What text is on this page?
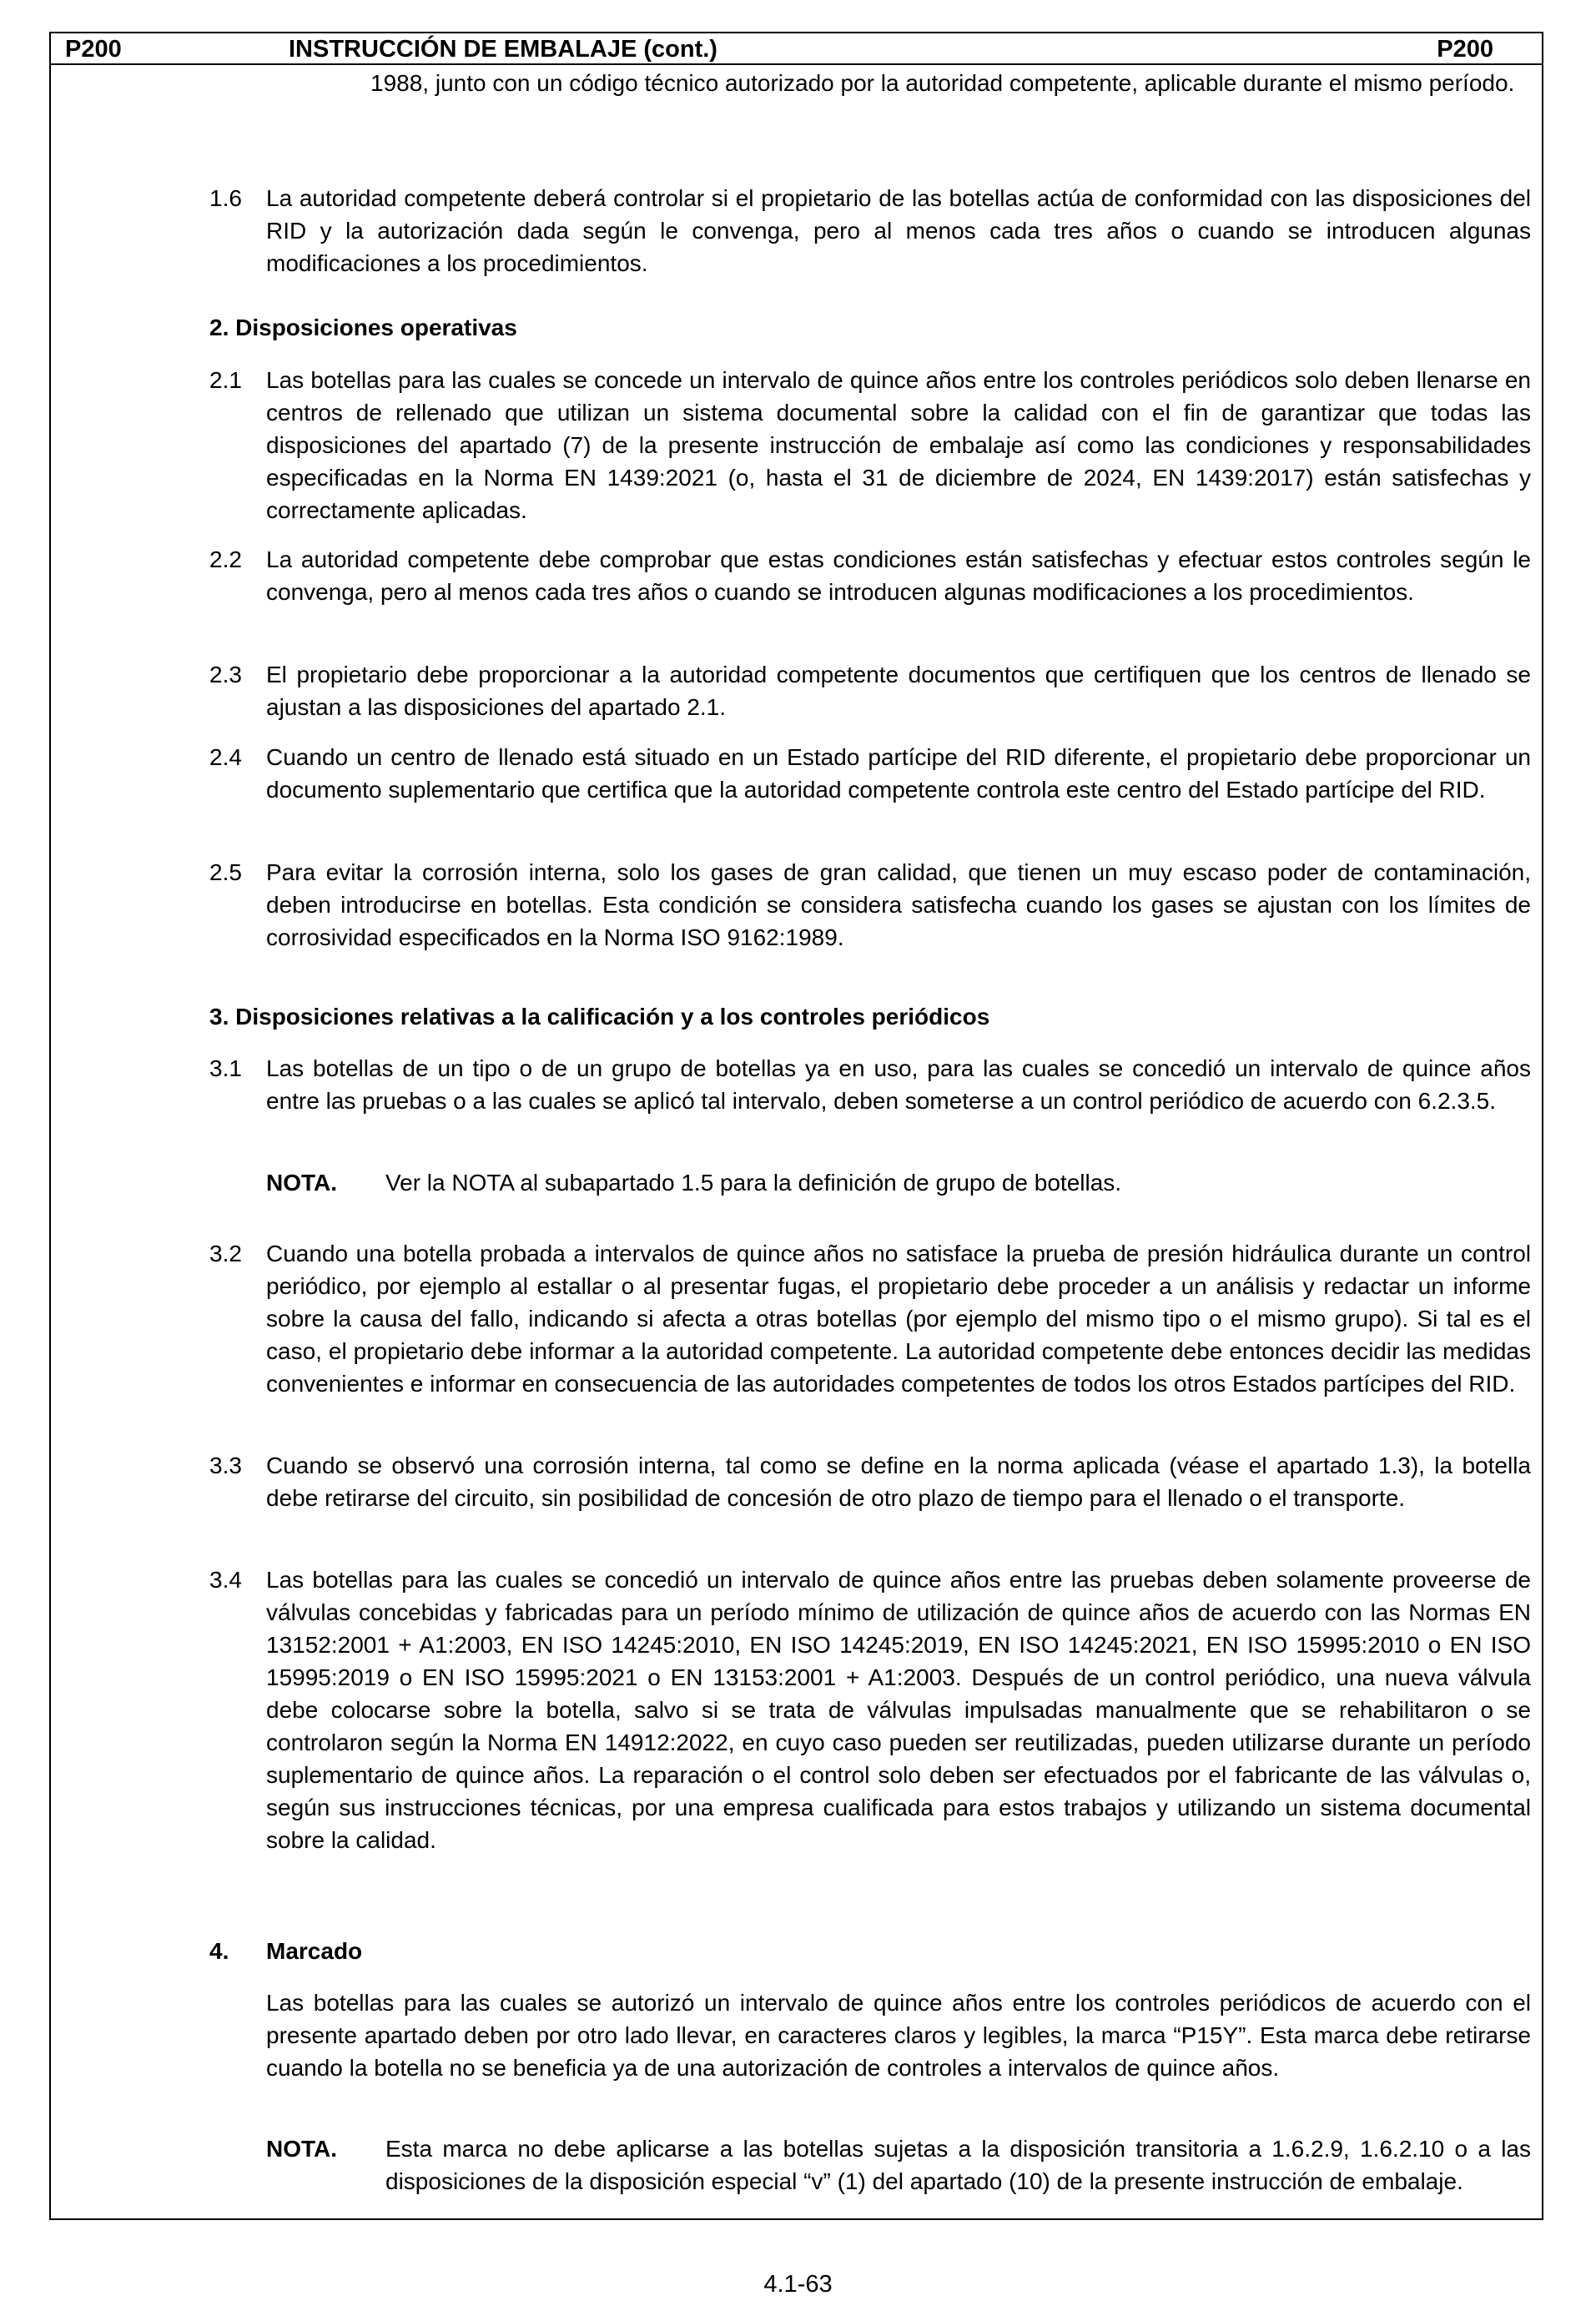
P200	INSTRUCCIÓN DE EMBALAJE (cont.)	P200
1988, junto con un código técnico autorizado por la autoridad competente, aplicable durante el mismo período.
1.6 La autoridad competente deberá controlar si el propietario de las botellas actúa de conformidad con las disposiciones del RID y la autorización dada según le convenga, pero al menos cada tres años o cuando se introducen algunas modificaciones a los procedimientos.
2. Disposiciones operativas
2.1 Las botellas para las cuales se concede un intervalo de quince años entre los controles periódicos solo deben llenarse en centros de rellenado que utilizan un sistema documental sobre la calidad con el fin de garantizar que todas las disposiciones del apartado (7) de la presente instrucción de embalaje así como las condiciones y responsabilidades especificadas en la Norma EN 1439:2021 (o, hasta el 31 de diciembre de 2024, EN 1439:2017) están satisfechas y correctamente aplicadas.
2.2 La autoridad competente debe comprobar que estas condiciones están satisfechas y efectuar estos controles según le convenga, pero al menos cada tres años o cuando se introducen algunas modificaciones a los procedimientos.
2.3 El propietario debe proporcionar a la autoridad competente documentos que certifiquen que los centros de llenado se ajustan a las disposiciones del apartado 2.1.
2.4 Cuando un centro de llenado está situado en un Estado partícipe del RID diferente, el propietario debe proporcionar un documento suplementario que certifica que la autoridad competente controla este centro del Estado partícipe del RID.
2.5 Para evitar la corrosión interna, solo los gases de gran calidad, que tienen un muy escaso poder de contaminación, deben introducirse en botellas. Esta condición se considera satisfecha cuando los gases se ajustan con los límites de corrosividad especificados en la Norma ISO 9162:1989.
3. Disposiciones relativas a la calificación y a los controles periódicos
3.1 Las botellas de un tipo o de un grupo de botellas ya en uso, para las cuales se concedió un intervalo de quince años entre las pruebas o a las cuales se aplicó tal intervalo, deben someterse a un control periódico de acuerdo con 6.2.3.5.
NOTA. Ver la NOTA al subapartado 1.5 para la definición de grupo de botellas.
3.2 Cuando una botella probada a intervalos de quince años no satisface la prueba de presión hidráulica durante un control periódico, por ejemplo al estallar o al presentar fugas, el propietario debe proceder a un análisis y redactar un informe sobre la causa del fallo, indicando si afecta a otras botellas (por ejemplo del mismo tipo o el mismo grupo). Si tal es el caso, el propietario debe informar a la autoridad competente. La autoridad competente debe entonces decidir las medidas convenientes e informar en consecuencia de las autoridades competentes de todos los otros Estados partícipes del RID.
3.3 Cuando se observó una corrosión interna, tal como se define en la norma aplicada (véase el apartado 1.3), la botella debe retirarse del circuito, sin posibilidad de concesión de otro plazo de tiempo para el llenado o el transporte.
3.4 Las botellas para las cuales se concedió un intervalo de quince años entre las pruebas deben solamente proveerse de válvulas concebidas y fabricadas para un período mínimo de utilización de quince años de acuerdo con las Normas EN 13152:2001 + A1:2003, EN ISO 14245:2010, EN ISO 14245:2019, EN ISO 14245:2021, EN ISO 15995:2010 o EN ISO 15995:2019 o EN ISO 15995:2021 o EN 13153:2001 + A1:2003. Después de un control periódico, una nueva válvula debe colocarse sobre la botella, salvo si se trata de válvulas impulsadas manualmente que se rehabilitaron o se controlaron según la Norma EN 14912:2022, en cuyo caso pueden ser reutilizadas, pueden utilizarse durante un período suplementario de quince años. La reparación o el control solo deben ser efectuados por el fabricante de las válvulas o, según sus instrucciones técnicas, por una empresa cualificada para estos trabajos y utilizando un sistema documental sobre la calidad.
4. Marcado
Las botellas para las cuales se autorizó un intervalo de quince años entre los controles periódicos de acuerdo con el presente apartado deben por otro lado llevar, en caracteres claros y legibles, la marca “P15Y”. Esta marca debe retirarse cuando la botella no se beneficia ya de una autorización de controles a intervalos de quince años.
NOTA. Esta marca no debe aplicarse a las botellas sujetas a la disposición transitoria a 1.6.2.9, 1.6.2.10 o a las disposiciones de la disposición especial “v” (1) del apartado (10) de la presente instrucción de embalaje.
4.1-63
